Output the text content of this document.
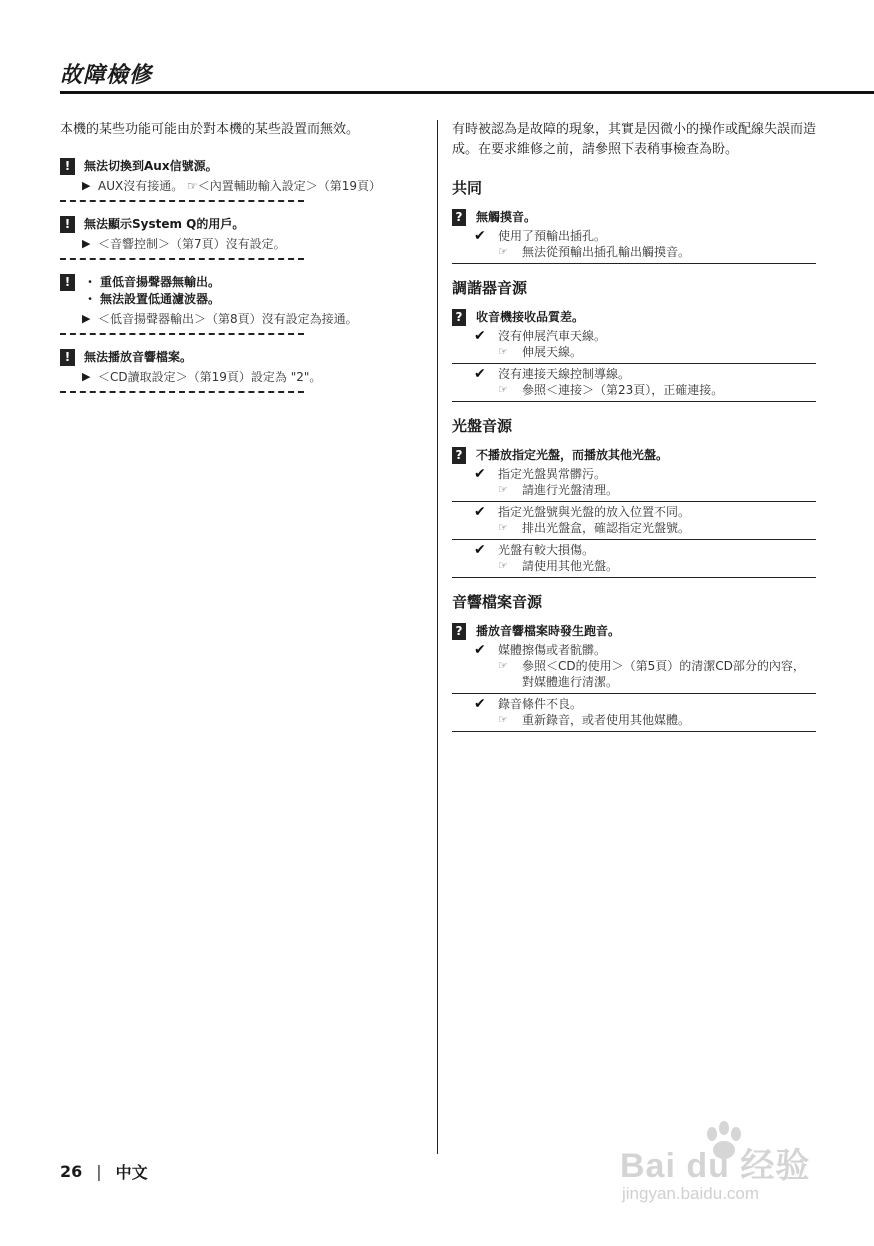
故障檢修

本機的某些功能可能由於對本機的某些設置而無效。

!	無法切換到Aux信號源。
▶ AUX沒有接通。 ☞＜內置輔助輸入設定＞（第19頁）
!	無法顯示System Q的用戶。
▶ ＜音響控制＞（第7頁）沒有設定。
!
・	重低音揚聲器無輸出。
・ 無法設置低通濾波器。
▶ ＜低音揚聲器輸出＞（第8頁）沒有設定為接通。
!	無法播放音響檔案。
▶ ＜CD讀取設定＞（第19頁）設定為 "2"。

有時被認為是故障的現象，其實是因微小的操作或配線失誤而造成。在要求維修之前，請參照下表稍事檢查為盼。

共同
? 無觸摸音。
✔	使用了預輸出插孔。
☞	無法從預輸出插孔輸出觸摸音。
調諧器音源
? 收音機接收品質差。
✔	沒有伸展汽車天線。
☞	伸展天線。
✔	沒有連接天線控制導線。
☞	參照＜連接＞（第23頁），正確連接。
光盤音源
? 不播放指定光盤，而播放其他光盤。
✔	指定光盤異常髒污。
☞	請進行光盤清理。
✔	指定光盤號與光盤的放入位置不同。
☞	排出光盤盒，確認指定光盤號。
✔	光盤有較大損傷。
☞	請使用其他光盤。
音響檔案音源
? 播放音響檔案時發生跑音。
✔	媒體擦傷或者骯髒。
☞	參照＜CD的使用＞（第5頁）的清潔CD部分的內容，對媒體進行清潔。
✔	錄音條件不良。
☞	重新錄音，或者使用其他媒體。
26 | 中文	Bai du 经验
jingyan.baidu.com
